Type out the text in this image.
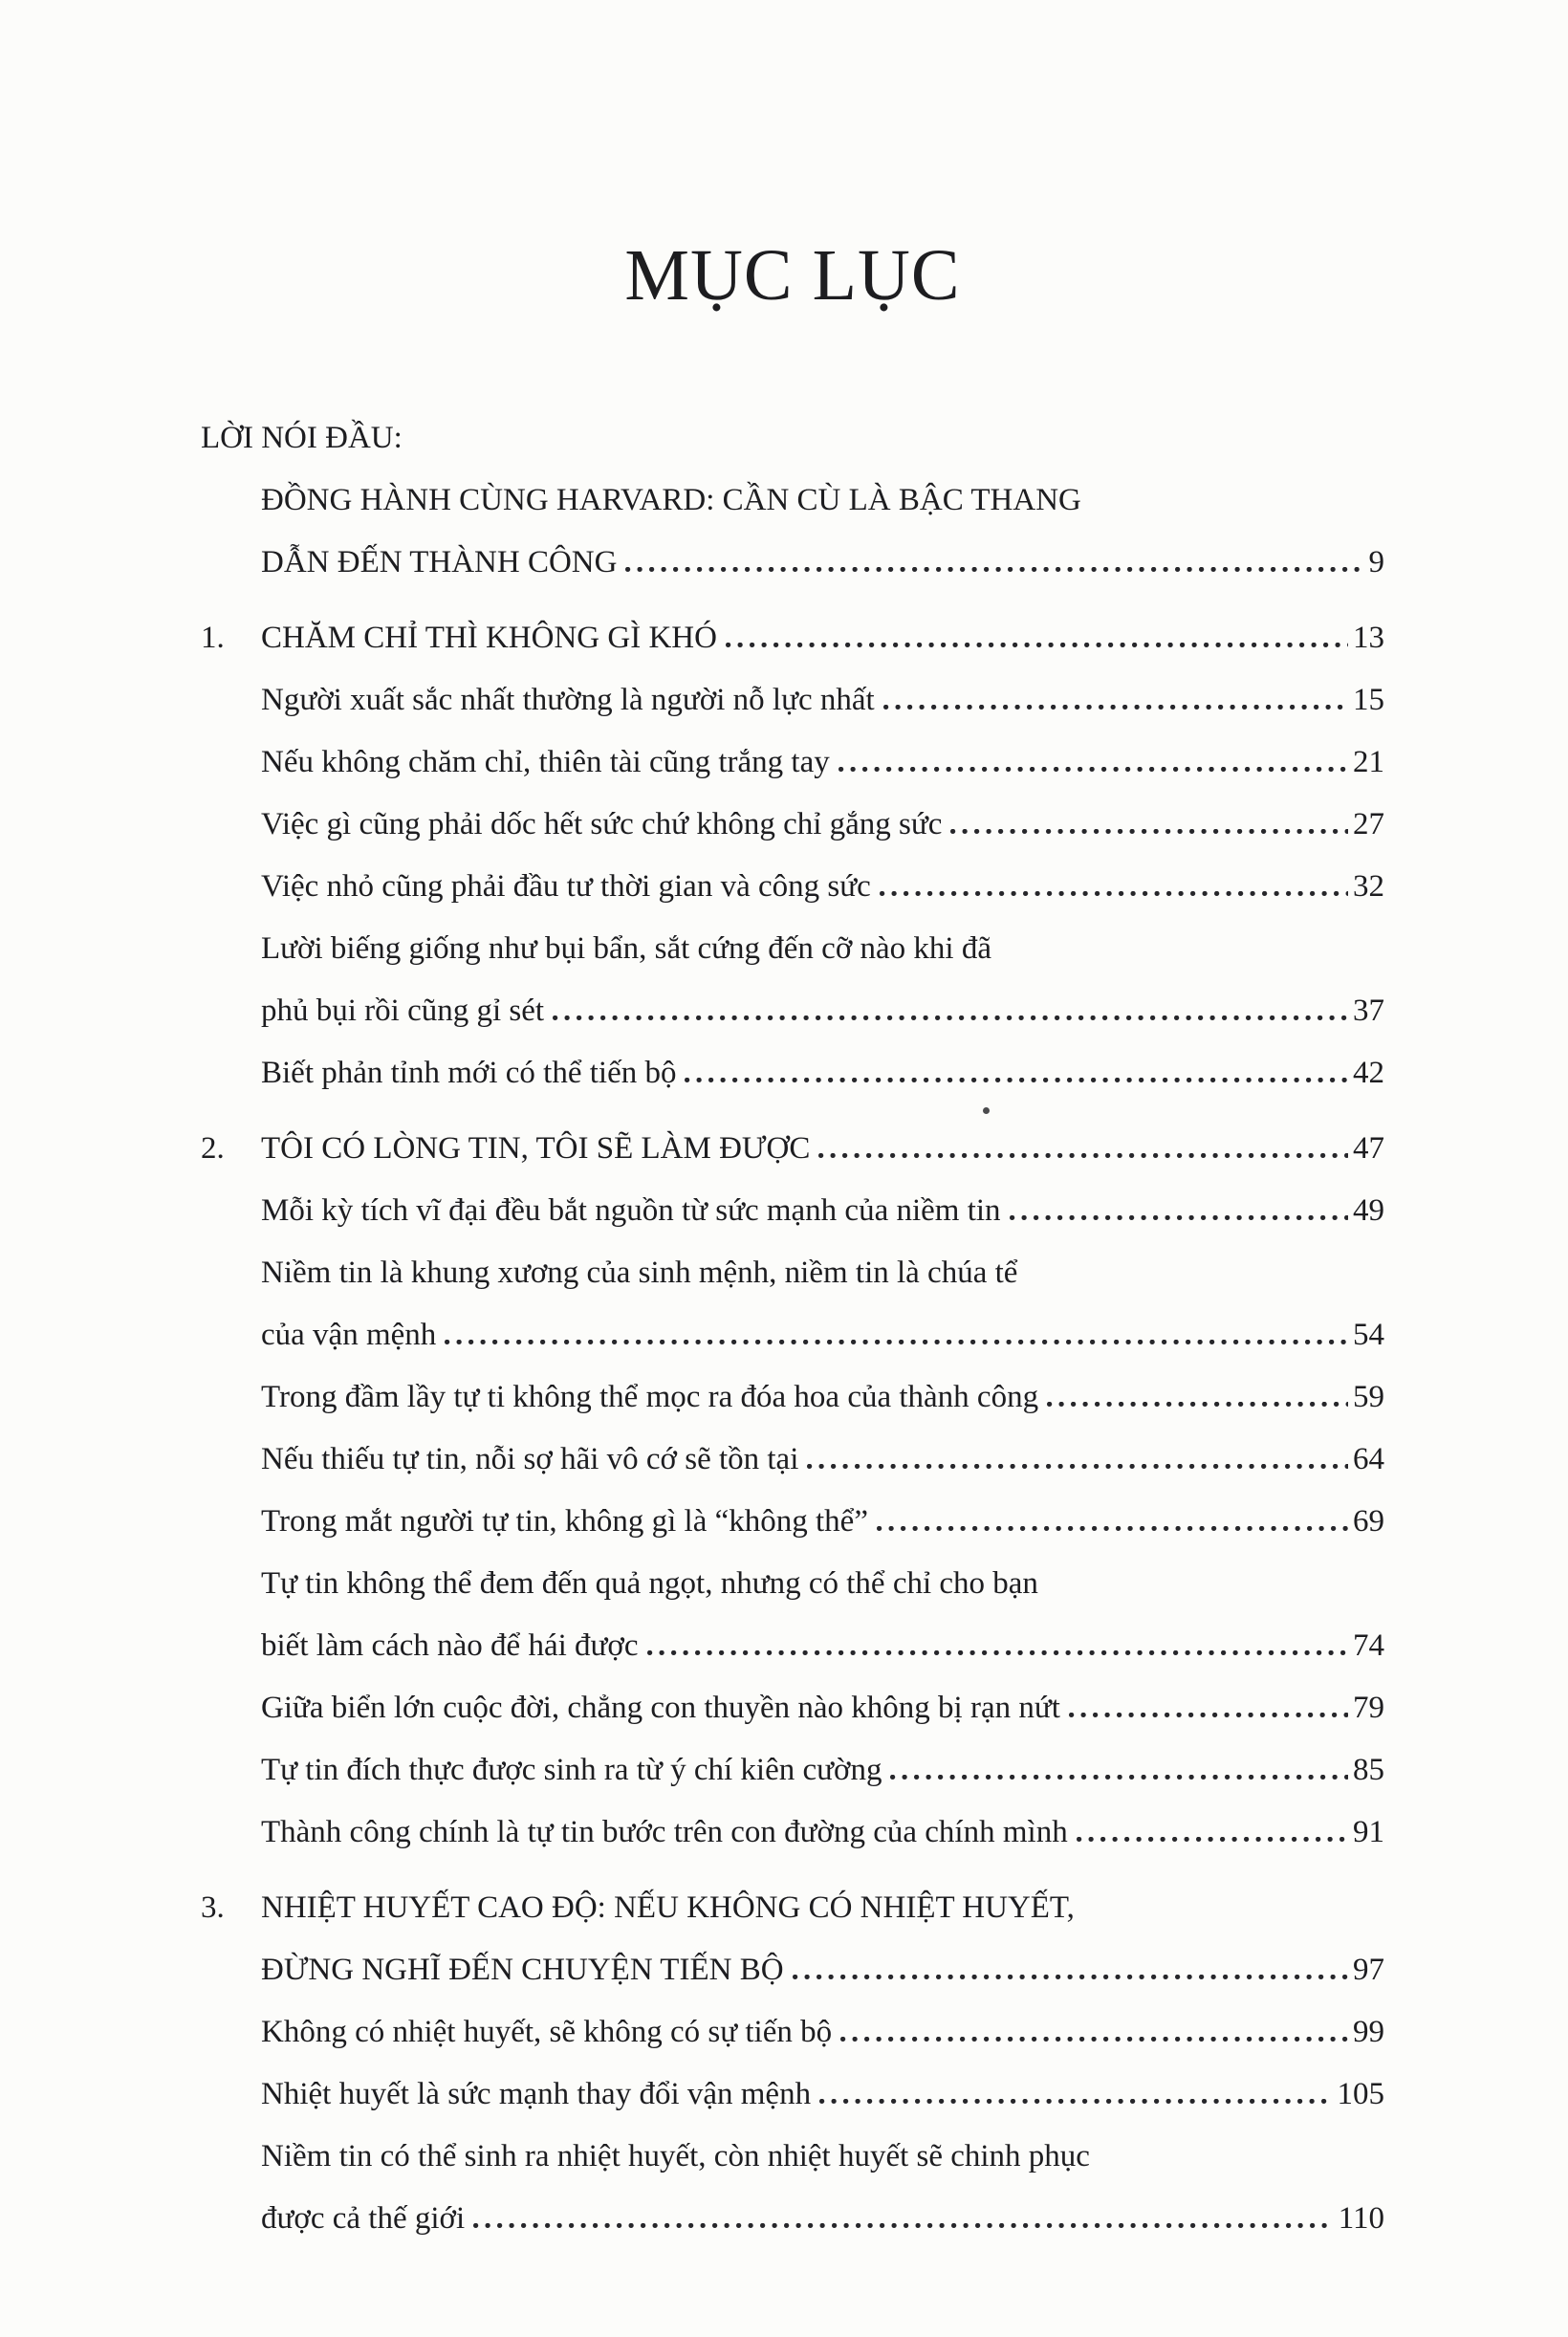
MỤC LỤC
LỜI NÓI ĐẦU:
ĐỒNG HÀNH CÙNG HARVARD: CẦN CÙ LÀ BẬC THANG
DẪN ĐẾN THÀNH CÔNG	9
1. CHĂM CHỈ THÌ KHÔNG GÌ KHÓ	13
Người xuất sắc nhất thường là người nỗ lực nhất	15
Nếu không chăm chỉ, thiên tài cũng trắng tay	21
Việc gì cũng phải dốc hết sức chứ không chỉ gắng sức	27
Việc nhỏ cũng phải đầu tư thời gian và công sức	32
Lười biếng giống như bụi bẩn, sắt cứng đến cỡ nào khi đã
phủ bụi rồi cũng gỉ sét	37
Biết phản tỉnh mới có thể tiến bộ	42
2. TÔI CÓ LÒNG TIN, TÔI SẼ LÀM ĐƯỢC	47
Mỗi kỳ tích vĩ đại đều bắt nguồn từ sức mạnh của niềm tin	49
Niềm tin là khung xương của sinh mệnh, niềm tin là chúa tể
của vận mệnh	54
Trong đầm lầy tự ti không thể mọc ra đóa hoa của thành công	59
Nếu thiếu tự tin, nỗi sợ hãi vô cớ sẽ tồn tại	64
Trong mắt người tự tin, không gì là “không thể”	69
Tự tin không thể đem đến quả ngọt, nhưng có thể chỉ cho bạn
biết làm cách nào để hái được	74
Giữa biển lớn cuộc đời, chẳng con thuyền nào không bị rạn nứt	79
Tự tin đích thực được sinh ra từ ý chí kiên cường	85
Thành công chính là tự tin bước trên con đường của chính mình	91
3. NHIỆT HUYẾT CAO ĐỘ: NẾU KHÔNG CÓ NHIỆT HUYẾT,
ĐỪNG NGHĨ ĐẾN CHUYỆN TIẾN BỘ	97
Không có nhiệt huyết, sẽ không có sự tiến bộ	99
Nhiệt huyết là sức mạnh thay đổi vận mệnh	105
Niềm tin có thể sinh ra nhiệt huyết, còn nhiệt huyết sẽ chinh phục
được cả thế giới	110
